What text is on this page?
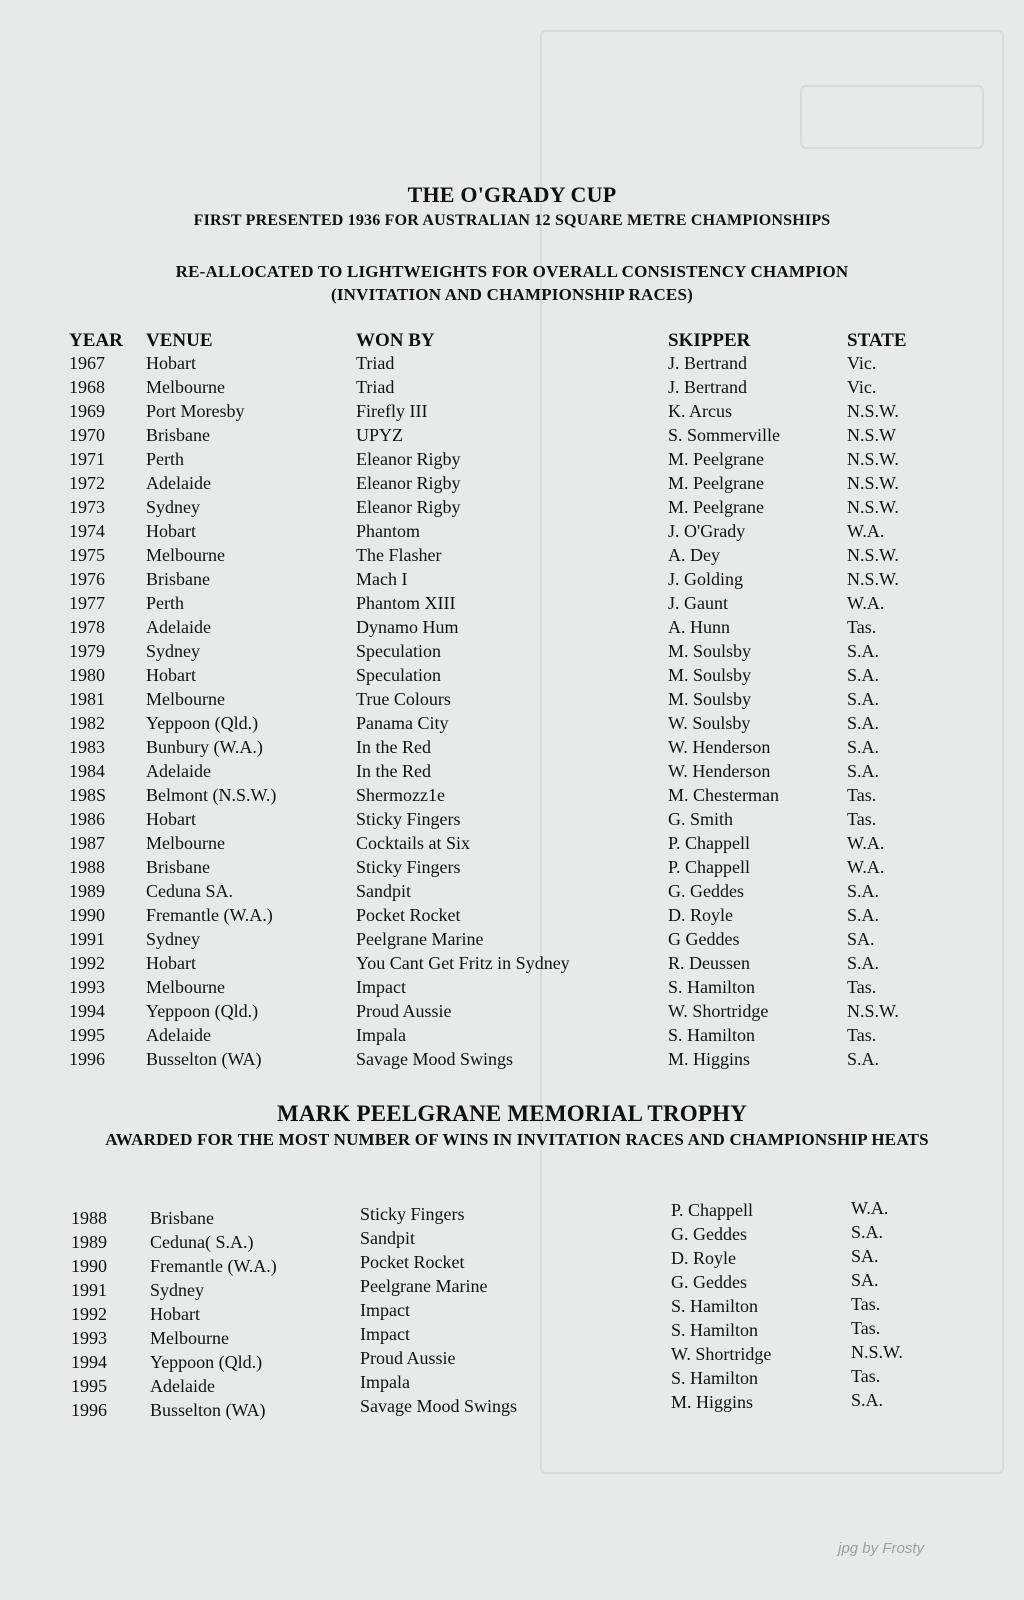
THE O'GRADY CUP
FIRST PRESENTED 1936 FOR AUSTRALIAN 12 SQUARE METRE CHAMPIONSHIPS
RE-ALLOCATED TO LIGHTWEIGHTS FOR OVERALL CONSISTENCY CHAMPION
(INVITATION AND CHAMPIONSHIP RACES)
YEAR VENUE	WON BY	SKIPPER	STATE
1967 Hobart	Triad	J. Bertrand	Vic.
1968 Melbourne	Triad	J. Bertrand	Vic.
1969 Port Moresby	Firefly III	K. Arcus	N.S.W.
1970 Brisbane	UPYZ	S. Sommerville	N.S.W
1971 Perth	Eleanor Rigby	M. Peelgrane	N.S.W.
1972 Adelaide	Eleanor Rigby	M. Peelgrane	N.S.W.
1973 Sydney	Eleanor Rigby	M. Peelgrane	N.S.W.
1974 Hobart	Phantom	J. O'Grady	W.A.
1975 Melbourne	The Flasher	A. Dey	N.S.W.
1976 Brisbane	Mach I	J. Golding	N.S.W.
1977 Perth	Phantom XIII	J. Gaunt	W.A.
1978 Adelaide	Dynamo Hum	A. Hunn	Tas.
1979 Sydney	Speculation	M. Soulsby	S.A.
1980 Hobart	Speculation	M. Soulsby	S.A.
1981 Melbourne	True Colours	M. Soulsby	S.A.
1982 Yeppoon (Qld.)	Panama City	W. Soulsby	S.A.
1983 Bunbury (W.A.)	In the Red	W. Henderson	S.A.
1984 Adelaide	In the Red	W. Henderson	S.A.
198S Belmont (N.S.W.)	Shermozz1e	M. Chesterman	Tas.
1986 Hobart	Sticky Fingers	G. Smith	Tas.
1987 Melbourne	Cocktails at Six	P. Chappell	W.A.
1988 Brisbane	Sticky Fingers	P. Chappell	W.A.
1989 Ceduna SA.	Sandpit	G. Geddes	S.A.
1990 Fremantle (W.A.)	Pocket Rocket	D. Royle	S.A.
1991 Sydney	Peelgrane Marine	G Geddes	SA.
1992 Hobart	You Cant Get Fritz in Sydney	R. Deussen	S.A.
1993 Melbourne	Impact	S. Hamilton	Tas.
1994 Yeppoon (Qld.)	Proud Aussie	W. Shortridge	N.S.W.
1995 Adelaide	Impala	S. Hamilton	Tas.
1996 Busselton (WA)	Savage Mood Swings	M. Higgins	S.A.
MARK PEELGRANE MEMORIAL TROPHY
AWARDED FOR THE MOST NUMBER OF WINS IN INVITATION RACES AND CHAMPIONSHIP HEATS
1988 Brisbane	Sticky Fingers	P. Chappell	W.A.
1989 Ceduna( S.A.)	Sandpit	G. Geddes	S.A.
1990 Fremantle (W.A.)	Pocket Rocket	D. Royle	SA.
1991 Sydney	Peelgrane Marine	G. Geddes	SA.
1992 Hobart	Impact	S. Hamilton	Tas.
1993 Melbourne	Impact	S. Hamilton	Tas.
1994 Yeppoon (Qld.)	Proud Aussie	W. Shortridge	N.S.W.
1995 Adelaide	Impala	S. Hamilton	Tas.
1996 Busselton (WA)	Savage Mood Swings	M. Higgins	S.A.
jpg by Frosty
